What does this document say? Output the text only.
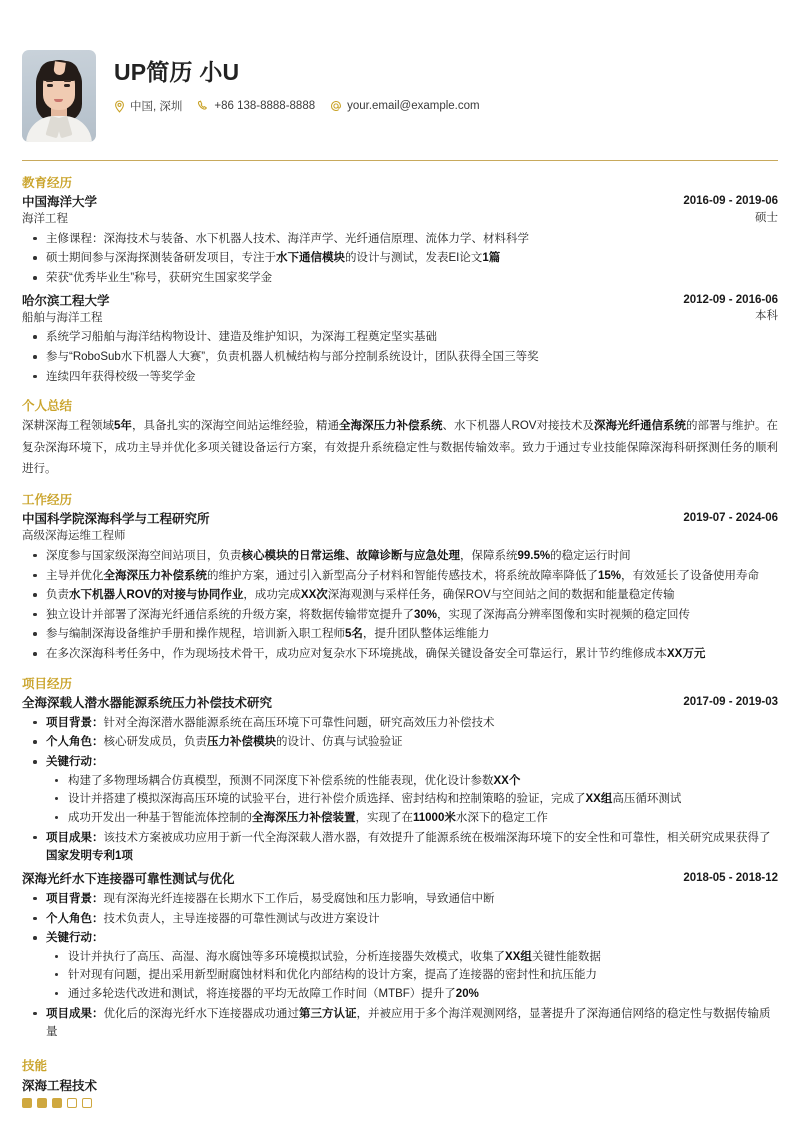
UP简历 小U
中国, 深圳	+86 138-8888-8888	your.email@example.com
教育经历
中国海洋大学
海洋工程
2016-09 - 2019-06
硕士
主修课程：深海技术与装备、水下机器人技术、海洋声学、光纤通信原理、流体力学、材料科学
硕士期间参与深海探测装备研发项目，专注于水下通信模块的设计与测试，发表EI论文1篇
荣获“优秀毕业生”称号，获研究生国家奖学金
哈尔滨工程大学
船舶与海洋工程
2012-09 - 2016-06
本科
系统学习船舶与海洋结构物设计、建造及维护知识，为深海工程奠定坚实基础
参与“RoboSub水下机器人大赛”，负责机器人机械结构与部分控制系统设计，团队获得全国三等奖
连续四年获得校级一等奖学金
个人总结
深耕深海工程领域5年，具备扎实的深海空间站运维经验，精通全海深压力补偿系统、水下机器人ROV对接技术及深海光纤通信系统的部署与维护。在复杂深海环境下，成功主导并优化多项关键设备运行方案，有效提升系统稳定性与数据传输效率。致力于通过专业技能保障深海科研探测任务的顺利进行。
工作经历
中国科学院深海科学与工程研究所
高级深海运维工程师
2019-07 - 2024-06
深度参与国家级深海空间站项目，负责核心模块的日常运维、故障诊断与应急处理，保障系统99.5%的稳定运行时间
主导并优化全海深压力补偿系统的维护方案，通过引入新型高分子材料和智能传感技术，将系统故障率降低了15%，有效延长了设备使用寿命
负责水下机器人ROV的对接与协同作业，成功完成XX次深海观测与采样任务，确保ROV与空间站之间的数据和能量稳定传输
独立设计并部署了深海光纤通信系统的升级方案，将数据传输带宽提升了30%，实现了深海高分辨率图像和实时视频的稳定回传
参与编制深海设备维护手册和操作规程，培训新入职工程师5名，提升团队整体运维能力
在多次深海科考任务中，作为现场技术骨干，成功应对复杂水下环境挑战，确保关键设备安全可靠运行，累计节约维修成本XX万元
项目经历
全海深载人潜水器能源系统压力补偿技术研究	2017-09 - 2019-03
项目背景：针对全海深潜水器能源系统在高压环境下可靠性问题，研究高效压力补偿技术
个人角色：核心研发成员，负责压力补偿模块的设计、仿真与试验验证
关键行动：
构建了多物理场耦合仿真模型，预测不同深度下补偿系统的性能表现，优化设计参数XX个
设计并搭建了模拟深海高压环境的试验平台，进行补偿介质选择、密封结构和控制策略的验证，完成了XX组高压循环测试
成功开发出一种基于智能流体控制的全海深压力补偿装置，实现了在11000米水深下的稳定工作
项目成果：该技术方案被成功应用于新一代全海深载人潜水器，有效提升了能源系统在极端深海环境下的安全性和可靠性，相关研究成果获得了国家发明专利1项
深海光纤水下连接器可靠性测试与优化	2018-05 - 2018-12
项目背景：现有深海光纤连接器在长期水下工作后，易受腐蚀和压力影响，导致通信中断
个人角色：技术负责人，主导连接器的可靠性测试与改进方案设计
关键行动：
设计并执行了高压、高湿、海水腐蚀等多环境模拟试验，分析连接器失效模式，收集了XX组关键性能数据
针对现有问题，提出采用新型耐腐蚀材料和优化内部结构的设计方案，提高了连接器的密封性和抗压能力
通过多轮迭代改进和测试，将连接器的平均无故障工作时间（MTBF）提升了20%
项目成果：优化后的深海光纤水下连接器成功通过第三方认证，并被应用于多个海洋观测网络，显著提升了深海通信网络的稳定性与数据传输质量
技能
深海工程技术
